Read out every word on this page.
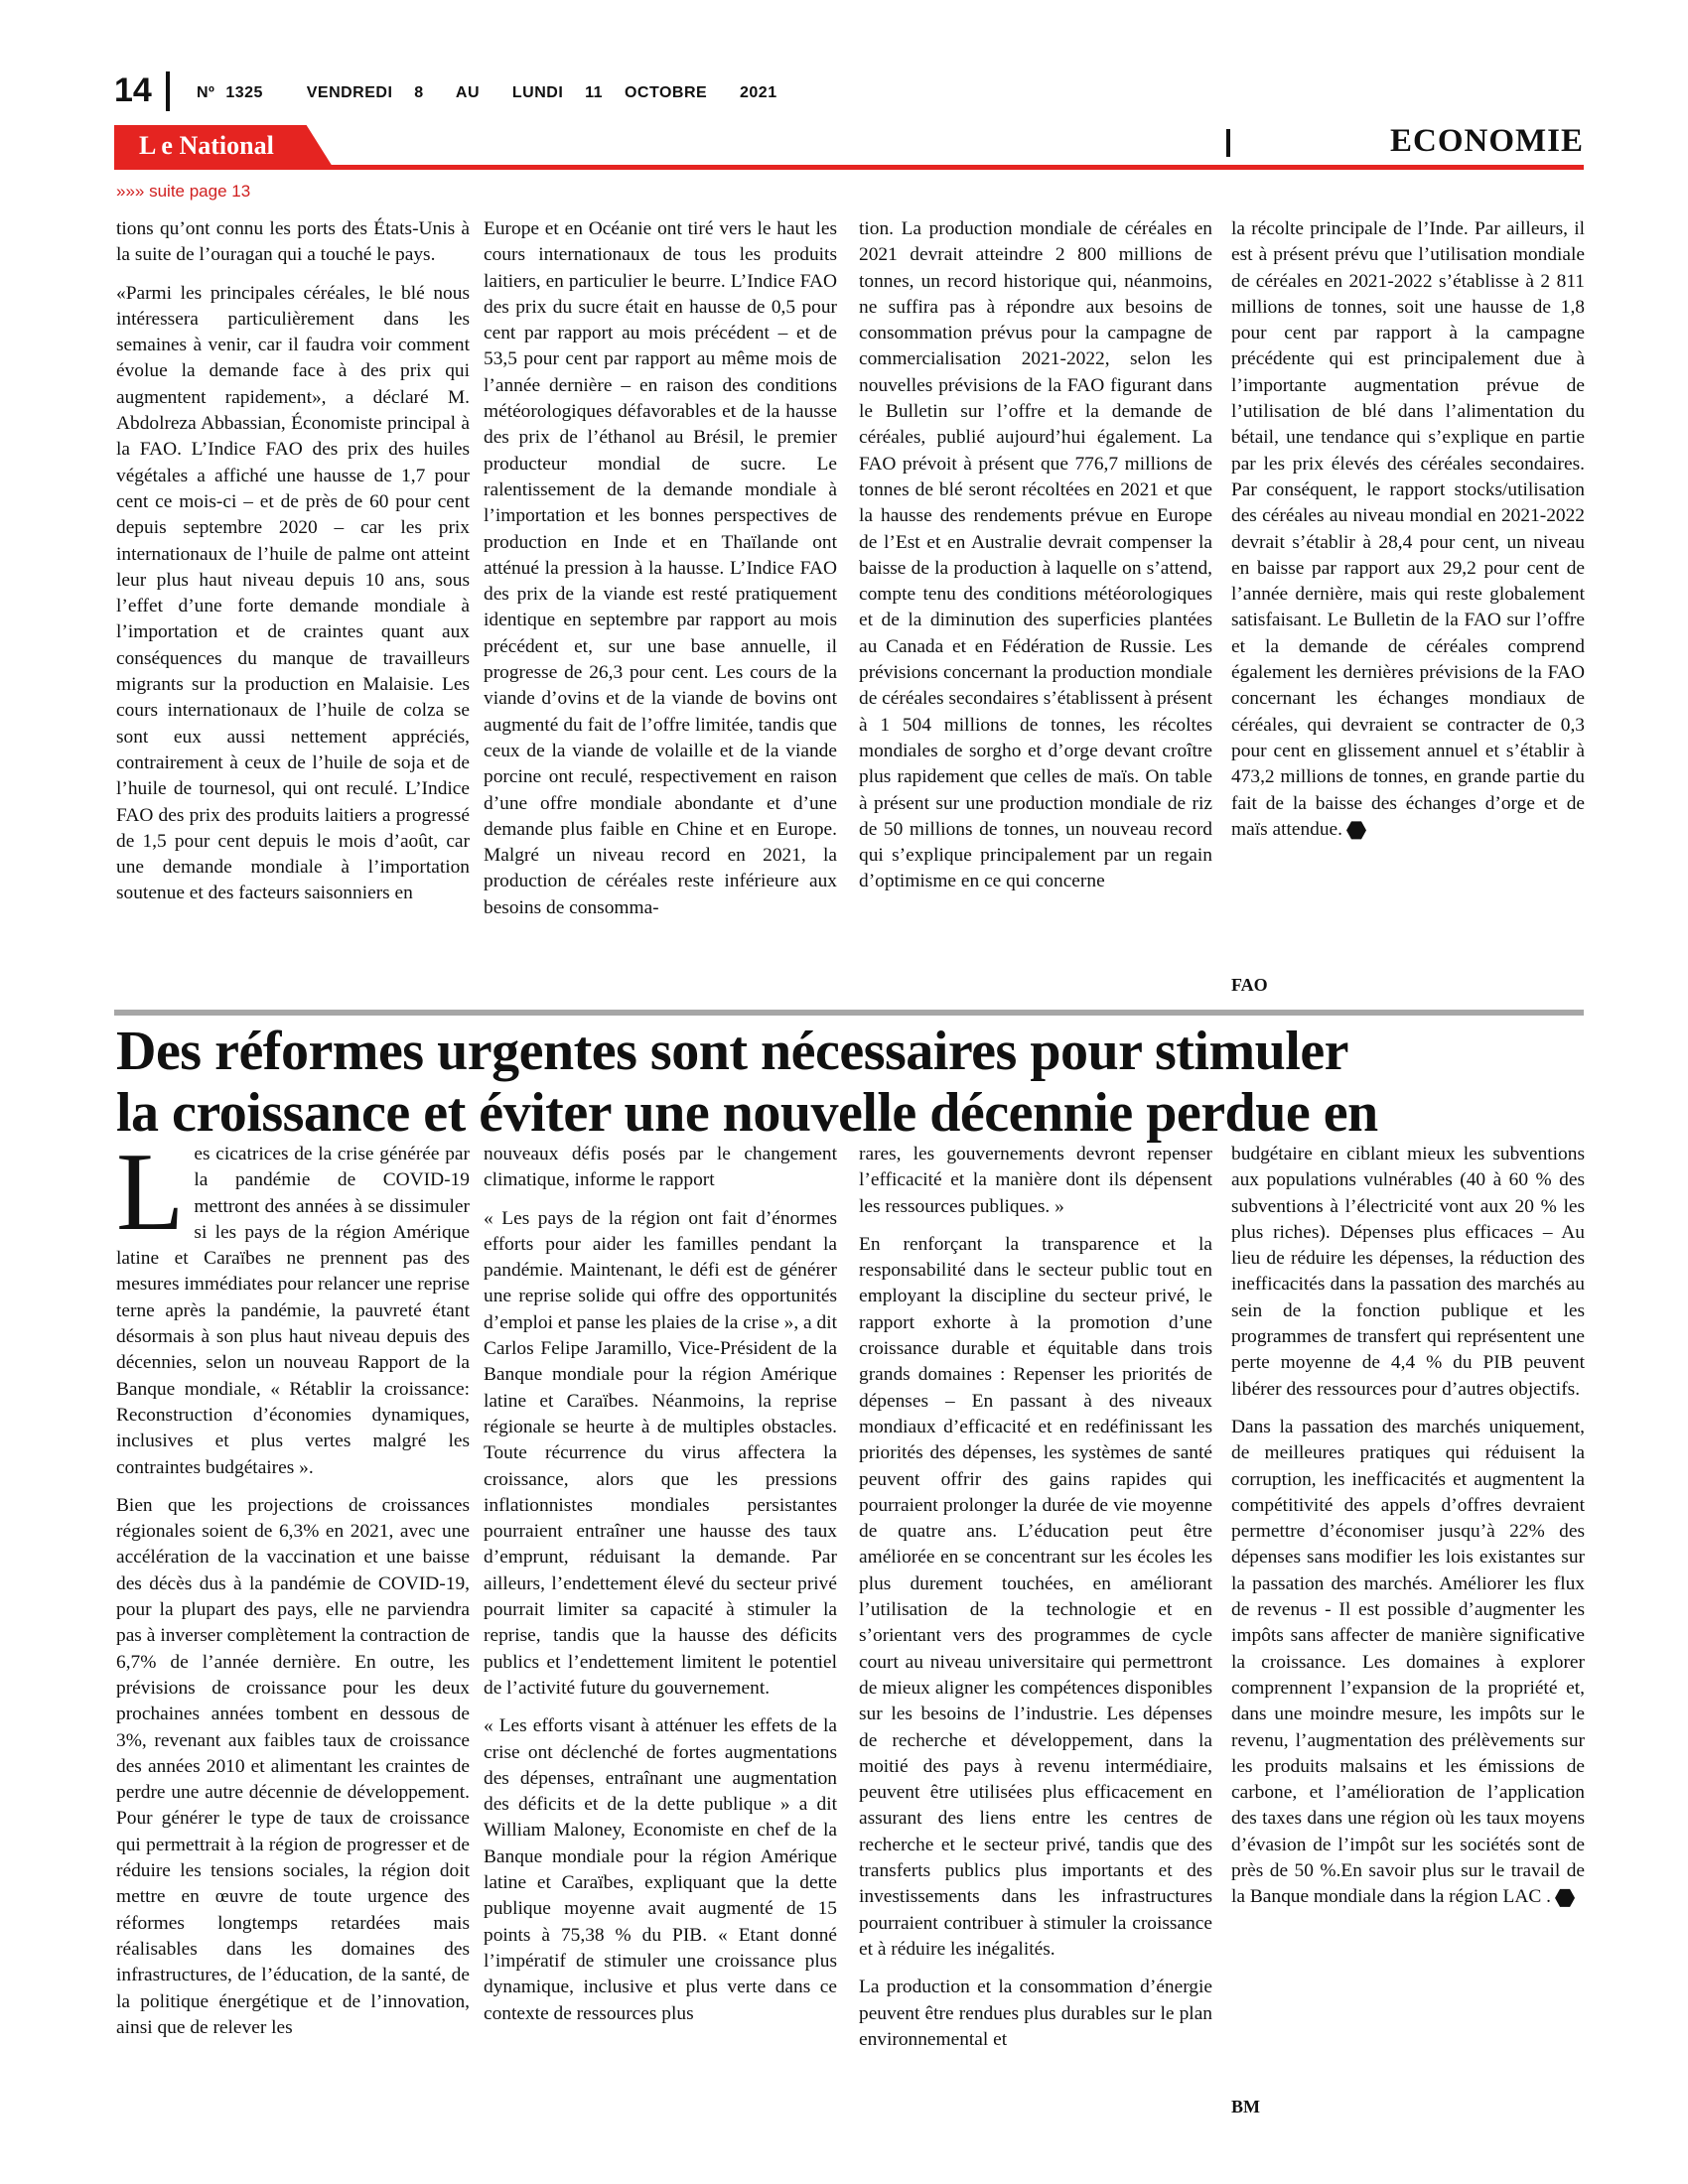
14	Nº 1325    VENDREDI  8   AU   LUNDI  11  OCTOBRE   2021
L e National	ECONOMIE
»»» suite page 13

tions qu’ont connu les ports des États-Unis à la suite de l’ouragan qui a touché le pays.

«Parmi les principales céréales, le blé nous intéressera particulièrement dans les semaines à venir, car il faudra voir comment évolue la demande face à des prix qui augmentent rapidement», a déclaré M. Abdolreza Abbassian, Économiste principal à la FAO. L’Indice FAO des prix des huiles végétales a affiché une hausse de 1,7 pour cent ce mois-ci – et de près de 60 pour cent depuis septembre 2020 – car les prix internationaux de l’huile de palme ont atteint leur plus haut niveau depuis 10 ans, sous l’effet d’une forte demande mondiale à l’importation et de craintes quant aux conséquences du manque de travailleurs migrants sur la production en Malaisie. Les cours internationaux de l’huile de colza se sont eux aussi nettement appréciés, contrairement à ceux de l’huile de soja et de l’huile de tournesol, qui ont reculé. L’Indice FAO des prix des produits laitiers a progressé de 1,5 pour cent depuis le mois d’août, car une demande mondiale à l’importation soutenue et des facteurs saisonniers en

Europe et en Océanie ont tiré vers le haut les cours internationaux de tous les produits laitiers, en particulier le beurre. L’Indice FAO des prix du sucre était en hausse de 0,5 pour cent par rapport au mois précédent – et de 53,5 pour cent par rapport au même mois de l’année dernière – en raison des conditions météorologiques défavorables et de la hausse des prix de l’éthanol au Brésil, le premier producteur mondial de sucre. Le ralentissement de la demande mondiale à l’importation et les bonnes perspectives de production en Inde et en Thaïlande ont atténué la pression à la hausse. L’Indice FAO des prix de la viande est resté pratiquement identique en septembre par rapport au mois précédent et, sur une base annuelle, il progresse de 26,3 pour cent. Les cours de la viande d’ovins et de la viande de bovins ont augmenté du fait de l’offre limitée, tandis que ceux de la viande de volaille et de la viande porcine ont reculé, respectivement en raison d’une offre mondiale abondante et d’une demande plus faible en Chine et en Europe. Malgré un niveau record en 2021, la production de céréales reste inférieure aux besoins de consomma-

tion. La production mondiale de céréales en 2021 devrait atteindre 2 800 millions de tonnes, un record historique qui, néanmoins, ne suffira pas à répondre aux besoins de consommation prévus pour la campagne de commercialisation 2021-2022, selon les nouvelles prévisions de la FAO figurant dans le Bulletin sur l’offre et la demande de céréales, publié aujourd’hui également. La FAO prévoit à présent que 776,7 millions de tonnes de blé seront récoltées en 2021 et que la hausse des rendements prévue en Europe de l’Est et en Australie devrait compenser la baisse de la production à laquelle on s’attend, compte tenu des conditions météorologiques et de la diminution des superficies plantées au Canada et en Fédération de Russie. Les prévisions concernant la production mondiale de céréales secondaires s’établissent à présent à 1 504 millions de tonnes, les récoltes mondiales de sorgho et d’orge devant croître plus rapidement que celles de maïs. On table à présent sur une production mondiale de riz de 50 millions de tonnes, un nouveau record qui s’explique principalement par un regain d’optimisme en ce qui concerne

la récolte principale de l’Inde. Par ailleurs, il est à présent prévu que l’utilisation mondiale de céréales en 2021-2022 s’établisse à 2 811 millions de tonnes, soit une hausse de 1,8 pour cent par rapport à la campagne précédente qui est principalement due à l’importante augmentation prévue de l’utilisation de blé dans l’alimentation du bétail, une tendance qui s’explique en partie par les prix élevés des céréales secondaires. Par conséquent, le rapport stocks/utilisation des céréales au niveau mondial en 2021-2022 devrait s’établir à 28,4 pour cent, un niveau en baisse par rapport aux 29,2 pour cent de l’année dernière, mais qui reste globalement satisfaisant. Le Bulletin de la FAO sur l’offre et la demande de céréales comprend également les dernières prévisions de la FAO concernant les échanges mondiaux de céréales, qui devraient se contracter de 0,3 pour cent en glissement annuel et s’établir à 473,2 millions de tonnes, en grande partie du fait de la baisse des échanges d’orge et de maïs attendue.

FAO
Des réformes urgentes sont nécessaires pour stimuler
la croissance et éviter une nouvelle décennie perdue en

Les cicatrices de la crise générée par la pandémie de COVID-19 mettront des années à se dissimuler si les pays de la région Amérique latine et Caraïbes ne prennent pas des mesures immédiates pour relancer une reprise terne après la pandémie, la pauvreté étant désormais à son plus haut niveau depuis des décennies, selon un nouveau Rapport de la Banque mondiale, « Rétablir la croissance: Reconstruction d’économies dynamiques, inclusives et plus vertes malgré les contraintes budgétaires ».

Bien que les projections de croissances régionales soient de 6,3% en 2021, avec une accélération de la vaccination et une baisse des décès dus à la pandémie de COVID-19, pour la plupart des pays, elle ne parviendra pas à inverser complètement la contraction de 6,7% de l’année dernière. En outre, les prévisions de croissance pour les deux prochaines années tombent en dessous de 3%, revenant aux faibles taux de croissance des années 2010 et alimentant les craintes de perdre une autre décennie de développement. Pour générer le type de taux de croissance qui permettrait à la région de progresser et de réduire les tensions sociales, la région doit mettre en œuvre de toute urgence des réformes longtemps retardées mais réalisables dans les domaines des infrastructures, de l’éducation, de la santé, de la politique énergétique et de l’innovation, ainsi que de relever les

nouveaux défis posés par le changement climatique, informe le rapport

« Les pays de la région ont fait d’énormes efforts pour aider les familles pendant la pandémie. Maintenant, le défi est de générer une reprise solide qui offre des opportunités d’emploi et panse les plaies de la crise », a dit Carlos Felipe Jaramillo, Vice-Président de la Banque mondiale pour la région Amérique latine et Caraïbes. Néanmoins, la reprise régionale se heurte à de multiples obstacles. Toute récurrence du virus affectera la croissance, alors que les pressions inflationnistes mondiales persistantes pourraient entraîner une hausse des taux d’emprunt, réduisant la demande. Par ailleurs, l’endettement élevé du secteur privé pourrait limiter sa capacité à stimuler la reprise, tandis que la hausse des déficits publics et l’endettement limitent le potentiel de l’activité future du gouvernement.

« Les efforts visant à atténuer les effets de la crise ont déclenché de fortes augmentations des dépenses, entraînant une augmentation des déficits et de la dette publique » a dit William Maloney, Economiste en chef de la Banque mondiale pour la région Amérique latine et Caraïbes, expliquant que la dette publique moyenne avait augmenté de 15 points à 75,38 % du PIB. « Etant donné l’impératif de stimuler une croissance plus dynamique, inclusive et plus verte dans ce contexte de ressources plus

rares, les gouvernements devront repenser l’efficacité et la manière dont ils dépensent les ressources publiques. »

En renforçant la transparence et la responsabilité dans le secteur public tout en employant la discipline du secteur privé, le rapport exhorte à la promotion d’une croissance durable et équitable dans trois grands domaines : Repenser les priorités de dépenses – En passant à des niveaux mondiaux d’efficacité et en redéfinissant les priorités des dépenses, les systèmes de santé peuvent offrir des gains rapides qui pourraient prolonger la durée de vie moyenne de quatre ans. L’éducation peut être améliorée en se concentrant sur les écoles les plus durement touchées, en améliorant l’utilisation de la technologie et en s’orientant vers des programmes de cycle court au niveau universitaire qui permettront de mieux aligner les compétences disponibles sur les besoins de l’industrie. Les dépenses de recherche et développement, dans la moitié des pays à revenu intermédiaire, peuvent être utilisées plus efficacement en assurant des liens entre les centres de recherche et le secteur privé, tandis que des transferts publics plus importants et des investissements dans les infrastructures pourraient contribuer à stimuler la croissance et à réduire les inégalités.

La production et la consommation d’énergie peuvent être rendues plus durables sur le plan environnemental et

budgétaire en ciblant mieux les subventions aux populations vulnérables (40 à 60 % des subventions à l’électricité vont aux 20 % les plus riches). Dépenses plus efficaces – Au lieu de réduire les dépenses, la réduction des inefficacités dans la passation des marchés au sein de la fonction publique et les programmes de transfert qui représentent une perte moyenne de 4,4 % du PIB peuvent libérer des ressources pour d’autres objectifs.

Dans la passation des marchés uniquement, de meilleures pratiques qui réduisent la corruption, les inefficacités et augmentent la compétitivité des appels d’offres devraient permettre d’économiser jusqu’à 22% des dépenses sans modifier les lois existantes sur la passation des marchés. Améliorer les flux de revenus - Il est possible d’augmenter les impôts sans affecter de manière significative la croissance. Les domaines à explorer comprennent l’expansion de la propriété et, dans une moindre mesure, les impôts sur le revenu, l’augmentation des prélèvements sur les produits malsains et les émissions de carbone, et l’amélioration de l’application des taxes dans une région où les taux moyens d’évasion de l’impôt sur les sociétés sont de près de 50 %.En savoir plus sur le travail de la Banque mondiale dans la région LAC .

BM
